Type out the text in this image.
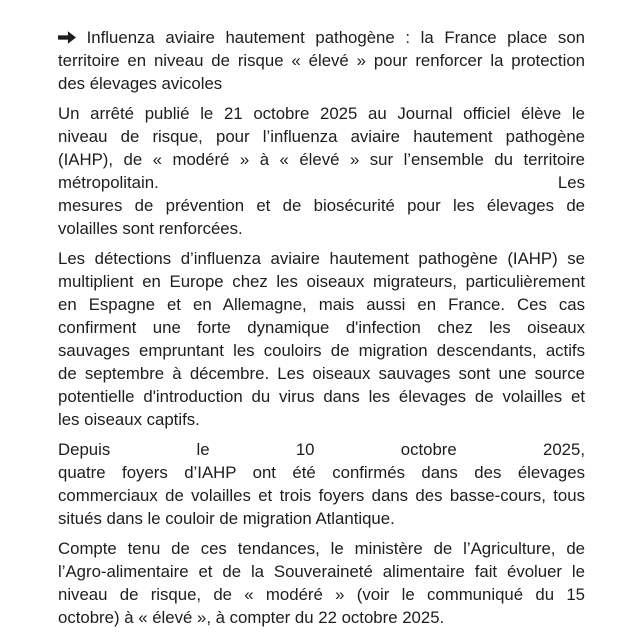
Influenza aviaire hautement pathogène : la France place son
territoire en niveau de risque « élevé » pour renforcer la protection
des élevages avicoles
Un arrêté publié le 21 octobre 2025 au Journal officiel élève le
niveau de risque, pour l’influenza aviaire hautement pathogène
(IAHP), de « modéré » à « élevé » sur l’ensemble du territoire
métropolitain. Les
mesures de prévention et de biosécurité pour les élevages de
volailles sont renforcées.
Les détections d’influenza aviaire hautement pathogène (IAHP) se
multiplient en Europe chez les oiseaux migrateurs, particulièrement
en Espagne et en Allemagne, mais aussi en France. Ces cas
confirment une forte dynamique d'infection chez les oiseaux
sauvages empruntant les couloirs de migration descendants, actifs
de septembre à décembre. Les oiseaux sauvages sont une source
potentielle d'introduction du virus dans les élevages de volailles et
les oiseaux captifs.
Depuis le 10 octobre 2025,
quatre foyers d’IAHP ont été confirmés dans des élevages
commerciaux de volailles et trois foyers dans des basse-cours, tous
situés dans le couloir de migration Atlantique.
Compte tenu de ces tendances, le ministère de l’Agriculture, de
l’Agro-alimentaire et de la Souveraineté alimentaire fait évoluer le
niveau de risque, de « modéré » (voir le communiqué du 15
octobre) à « élevé », à compter du 22 octobre 2025.
